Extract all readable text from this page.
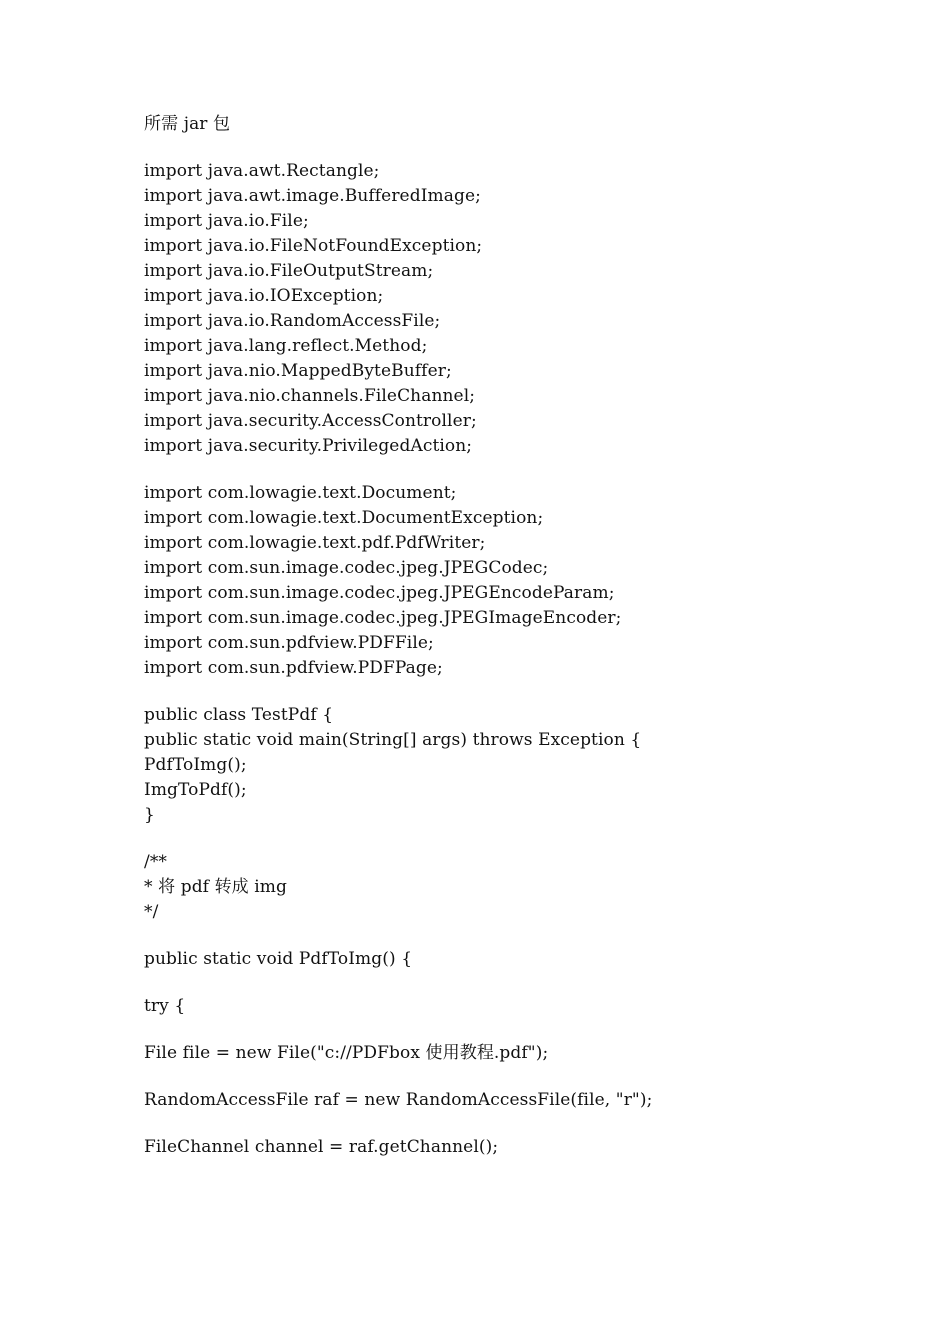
所需 jar 包
import java.awt.Rectangle;
import java.awt.image.BufferedImage;
import java.io.File;
import java.io.FileNotFoundException;
import java.io.FileOutputStream;
import java.io.IOException;
import java.io.RandomAccessFile;
import java.lang.reflect.Method;
import java.nio.MappedByteBuffer;
import java.nio.channels.FileChannel;
import java.security.AccessController;
import java.security.PrivilegedAction;
import com.lowagie.text.Document;
import com.lowagie.text.DocumentException;
import com.lowagie.text.pdf.PdfWriter;
import com.sun.image.codec.jpeg.JPEGCodec;
import com.sun.image.codec.jpeg.JPEGEncodeParam;
import com.sun.image.codec.jpeg.JPEGImageEncoder;
import com.sun.pdfview.PDFFile;
import com.sun.pdfview.PDFPage;
public class TestPdf {
public static void main(String[] args) throws Exception {
PdfToImg();
ImgToPdf();
}
/**
* 将 pdf 转成 img
*/
public static void PdfToImg() {
try {
File file = new File("c://PDFbox 使用教程.pdf");
RandomAccessFile raf = new RandomAccessFile(file, "r");
FileChannel channel = raf.getChannel();
